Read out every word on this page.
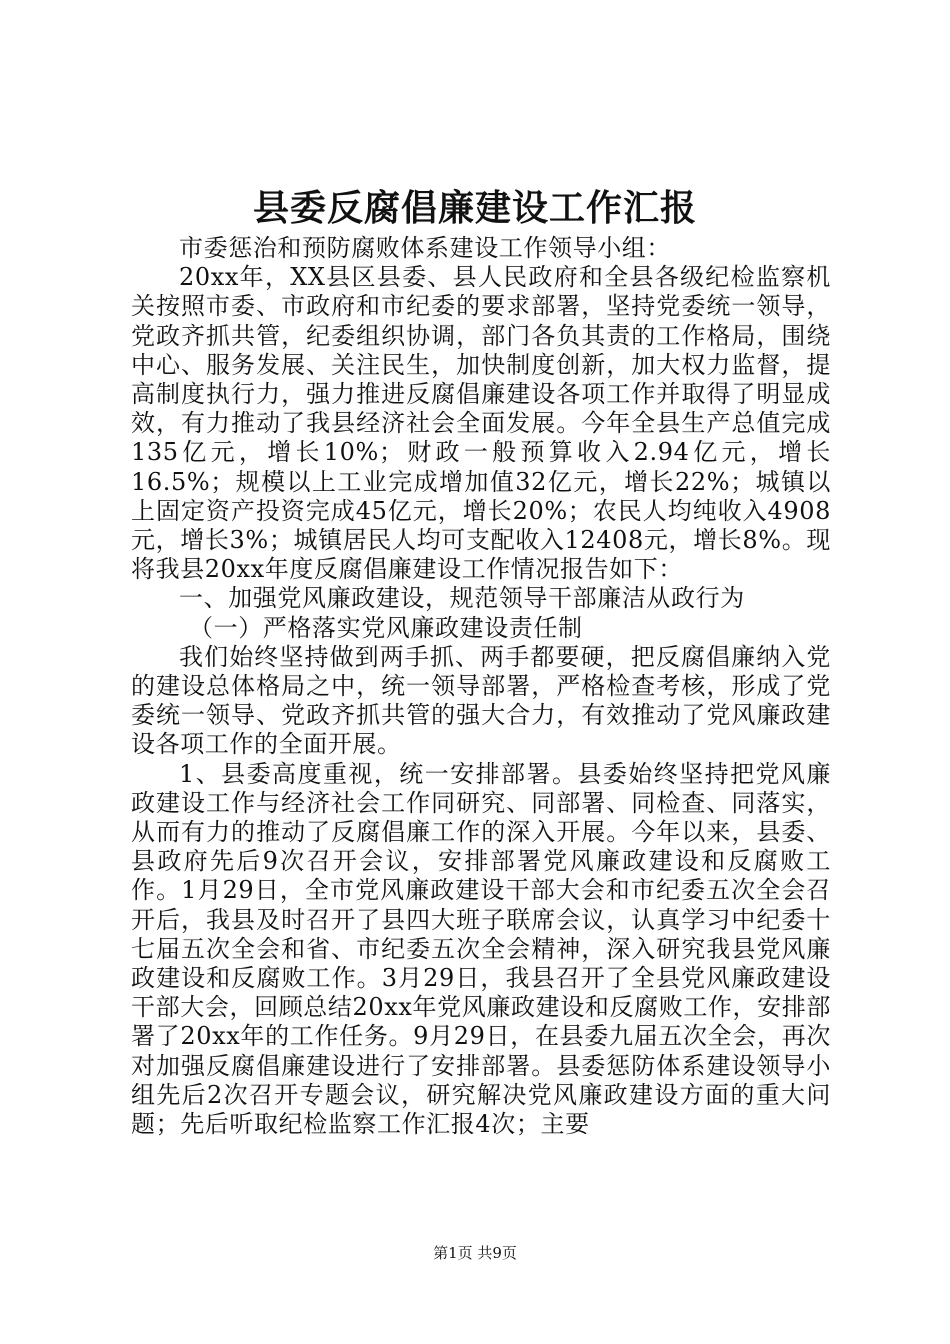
县委反腐倡廉建设工作汇报

市委惩治和预防腐败体系建设工作领导小组：

20xx年，XX县区县委、县人民政府和全县各级纪检监察机关按照市委、市政府和市纪委的要求部署，坚持党委统一领导，党政齐抓共管，纪委组织协调，部门各负其责的工作格局，围绕中心、服务发展、关注民生，加快制度创新，加大权力监督，提高制度执行力，强力推进反腐倡廉建设各项工作并取得了明显成效，有力推动了我县经济社会全面发展。今年全县生产总值完成135亿元，增长10%；财政一般预算收入2.94亿元，增长16.5%；规模以上工业完成增加值32亿元，增长22%；城镇以上固定资产投资完成45亿元，增长20%；农民人均纯收入4908元，增长3%；城镇居民人均可支配收入12408元，增长8%。现将我县20xx年度反腐倡廉建设工作情况报告如下：

一、加强党风廉政建设，规范领导干部廉洁从政行为

（一）严格落实党风廉政建设责任制

我们始终坚持做到两手抓、两手都要硬，把反腐倡廉纳入党的建设总体格局之中，统一领导部署，严格检查考核，形成了党委统一领导、党政齐抓共管的强大合力，有效推动了党风廉政建设各项工作的全面开展。

1、县委高度重视，统一安排部署。县委始终坚持把党风廉政建设工作与经济社会工作同研究、同部署、同检查、同落实，从而有力的推动了反腐倡廉工作的深入开展。今年以来，县委、县政府先后9次召开会议，安排部署党风廉政建设和反腐败工作。1月29日，全市党风廉政建设干部大会和市纪委五次全会召开后，我县及时召开了县四大班子联席会议，认真学习中纪委十七届五次全会和省、市纪委五次全会精神，深入研究我县党风廉政建设和反腐败工作。3月29日，我县召开了全县党风廉政建设干部大会，回顾总结20xx年党风廉政建设和反腐败工作，安排部署了20xx年的工作任务。9月29日，在县委九届五次全会，再次对加强反腐倡廉建设进行了安排部署。县委惩防体系建设领导小组先后2次召开专题会议，研究解决党风廉政建设方面的重大问题；先后听取纪检监察工作汇报4次；主要

第1页 共9页
